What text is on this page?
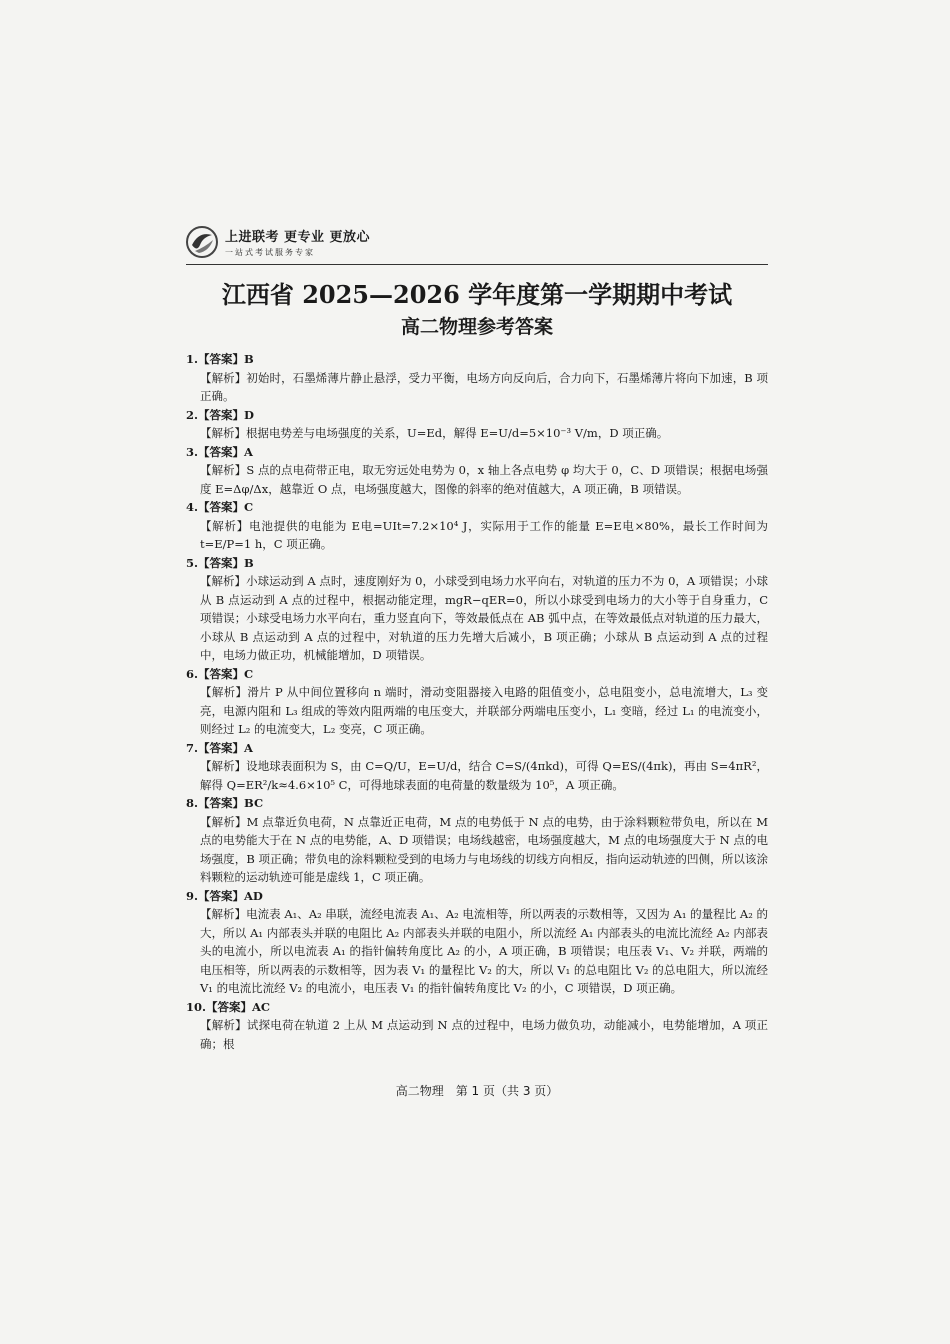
上进联考 更专业 更放心
一站式考试服务专家
江西省 2025—2026 学年度第一学期期中考试
高二物理参考答案
1.【答案】B
【解析】初始时，石墨烯薄片静止悬浮，受力平衡，电场方向反向后，合力向下，石墨烯薄片将向下加速，B 项正确。
2.【答案】D
【解析】根据电势差与电场强度的关系，U=Ed，解得 E=U/d=5×10⁻³ V/m，D 项正确。
3.【答案】A
【解析】S 点的点电荷带正电，取无穷远处电势为 0，x 轴上各点电势 φ 均大于 0，C、D 项错误；根据电场强度 E=Δφ/Δx，越靠近 O 点，电场强度越大，图像的斜率的绝对值越大，A 项正确，B 项错误。
4.【答案】C
【解析】电池提供的电能为 E电=UIt=7.2×10⁴ J，实际用于工作的能量 E=E电×80%，最长工作时间为 t=E/P=1 h，C 项正确。
5.【答案】B
【解析】小球运动到 A 点时，速度刚好为 0，小球受到电场力水平向右，对轨道的压力不为 0，A 项错误；小球从 B 点运动到 A 点的过程中，根据动能定理，mgR−qER=0，所以小球受到电场力的大小等于自身重力，C 项错误；小球受电场力水平向右，重力竖直向下，等效最低点在 AB 弧中点，在等效最低点对轨道的压力最大，小球从 B 点运动到 A 点的过程中，对轨道的压力先增大后减小，B 项正确；小球从 B 点运动到 A 点的过程中，电场力做正功，机械能增加，D 项错误。
6.【答案】C
【解析】滑片 P 从中间位置移向 n 端时，滑动变阻器接入电路的阻值变小，总电阻变小，总电流增大，L₃ 变亮，电源内阻和 L₃ 组成的等效内阻两端的电压变大，并联部分两端电压变小，L₁ 变暗，经过 L₁ 的电流变小，则经过 L₂ 的电流变大，L₂ 变亮，C 项正确。
7.【答案】A
【解析】设地球表面积为 S，由 C=Q/U，E=U/d，结合 C=S/(4πkd)，可得 Q=ES/(4πk)，再由 S=4πR²，解得 Q=ER²/k≈4.6×10⁵ C，可得地球表面的电荷量的数量级为 10⁵，A 项正确。
8.【答案】BC
【解析】M 点靠近负电荷，N 点靠近正电荷，M 点的电势低于 N 点的电势，由于涂料颗粒带负电，所以在 M 点的电势能大于在 N 点的电势能，A、D 项错误；电场线越密，电场强度越大，M 点的电场强度大于 N 点的电场强度，B 项正确；带负电的涂料颗粒受到的电场力与电场线的切线方向相反，指向运动轨迹的凹侧，所以该涂料颗粒的运动轨迹可能是虚线 1，C 项正确。
9.【答案】AD
【解析】电流表 A₁、A₂ 串联，流经电流表 A₁、A₂ 电流相等，所以两表的示数相等，又因为 A₁ 的量程比 A₂ 的大，所以 A₁ 内部表头并联的电阻比 A₂ 内部表头并联的电阻小，所以流经 A₁ 内部表头的电流比流经 A₂ 内部表头的电流小，所以电流表 A₁ 的指针偏转角度比 A₂ 的小，A 项正确，B 项错误；电压表 V₁、V₂ 并联，两端的电压相等，所以两表的示数相等，因为表 V₁ 的量程比 V₂ 的大，所以 V₁ 的总电阻比 V₂ 的总电阻大，所以流经 V₁ 的电流比流经 V₂ 的电流小，电压表 V₁ 的指针偏转角度比 V₂ 的小，C 项错误，D 项正确。
10.【答案】AC
【解析】试探电荷在轨道 2 上从 M 点运动到 N 点的过程中，电场力做负功，动能减小，电势能增加，A 项正确；根
高二物理　第 1 页（共 3 页）
